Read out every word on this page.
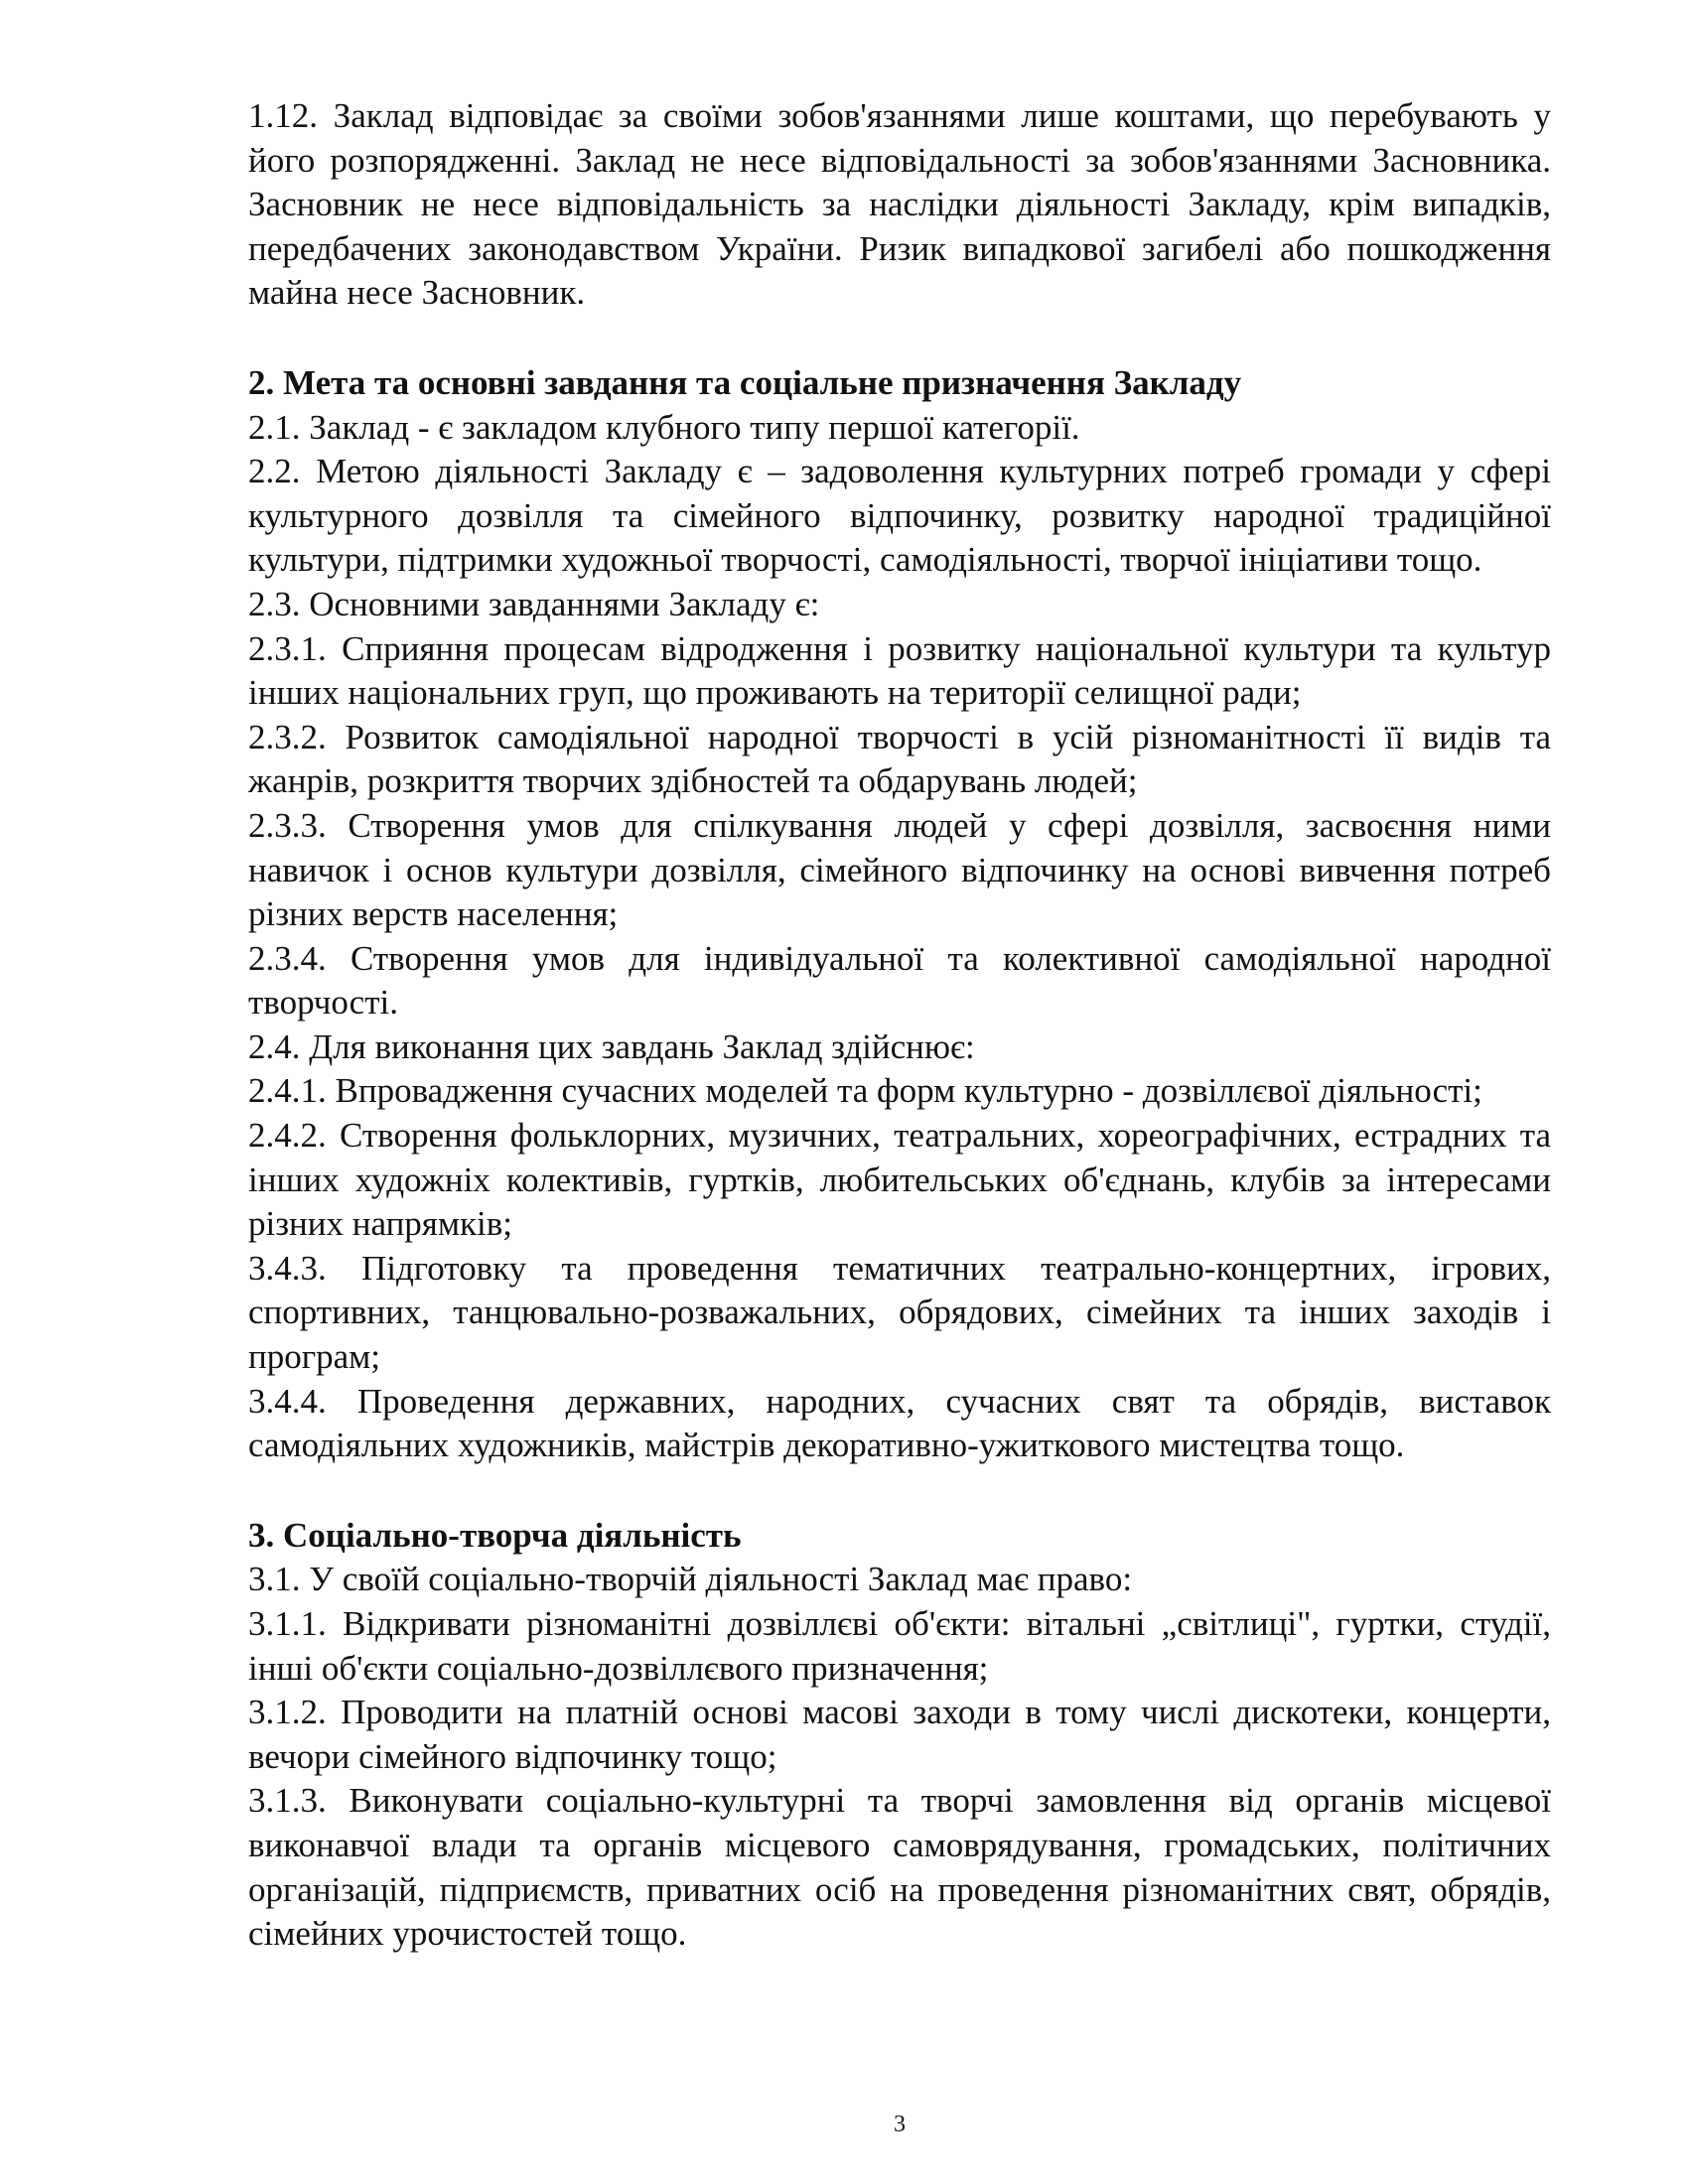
1.12. Заклад відповідає за своїми зобов'язаннями лише коштами, що перебувають у його розпорядженні. Заклад не несе відповідальності за зобов'язаннями Засновника. Засновник не несе відповідальність за наслідки діяльності Закладу, крім випадків, передбачених законодавством України. Ризик випадкової загибелі або пошкодження майна несе Засновник.

2. Мета та основні завдання та соціальне призначення Закладу

2.1. Заклад - є закладом клубного типу першої категорії.

2.2. Метою діяльності Закладу є – задоволення культурних потреб громади у сфері культурного дозвілля та сімейного відпочинку, розвитку народної традиційної культури, підтримки художньої творчості, самодіяльності, творчої ініціативи тощо.

2.3. Основними завданнями Закладу є:

2.3.1. Сприяння процесам відродження і розвитку національної культури та культур інших національних груп, що проживають на території селищної ради;

2.3.2. Розвиток самодіяльної народної творчості в усій різноманітності її видів та жанрів, розкриття творчих здібностей та обдарувань людей;

2.3.3. Створення умов для спілкування людей у сфері дозвілля, засвоєння ними навичок і основ культури дозвілля, сімейного відпочинку на основі вивчення потреб різних верств населення;

2.3.4. Створення умов для індивідуальної та колективної самодіяльної народної творчості.

2.4. Для виконання цих завдань Заклад здійснює:

2.4.1. Впровадження сучасних моделей та форм культурно - дозвіллєвої діяльності;

2.4.2. Створення фольклорних, музичних, театральних, хореографічних, естрадних та інших художніх колективів, гуртків, любительських об'єднань, клубів за інтересами різних напрямків;

3.4.3. Підготовку та проведення тематичних театрально-концертних, ігрових, спортивних, танцювально-розважальних, обрядових, сімейних та інших заходів і програм;

3.4.4. Проведення державних, народних, сучасних свят та обрядів, виставок самодіяльних художників, майстрів декоративно-ужиткового мистецтва тощо.

3. Соціально-творча діяльність

3.1. У своїй соціально-творчій діяльності Заклад має право:

3.1.1. Відкривати різноманітні дозвіллєві об'єкти: вітальні „світлиці", гуртки, студії, інші об'єкти соціально-дозвіллєвого призначення;

3.1.2. Проводити на платній основі масові заходи в тому числі дискотеки, концерти, вечори сімейного відпочинку тощо;

3.1.3. Виконувати соціально-культурні та творчі замовлення від органів місцевої виконавчої влади та органів місцевого самоврядування, громадських, політичних організацій, підприємств, приватних осіб на проведення різноманітних свят, обрядів, сімейних урочистостей тощо.

3
